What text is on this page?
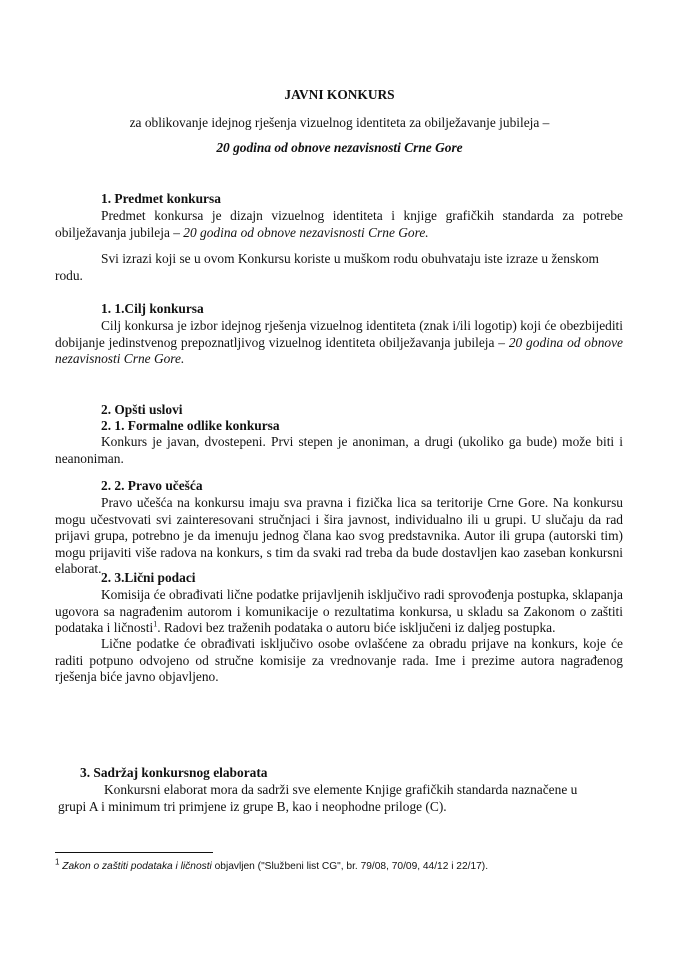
JAVNI KONKURS
za oblikovanje idejnog rješenja vizuelnog identiteta za obilježavanje jubileja –
20 godina od obnove nezavisnosti Crne Gore
1. Predmet konkursa
Predmet konkursa je dizajn vizuelnog identiteta i knjige grafičkih standarda za potrebe obilježavanja jubileja – 20 godina od obnove nezavisnosti Crne Gore.
Svi izrazi koji se u ovom Konkursu koriste u muškom rodu obuhvataju iste izraze u ženskom rodu.
1. 1.Cilj konkursa
Cilj konkursa je izbor idejnog rješenja vizuelnog identiteta (znak i/ili logotip) koji će obezbijediti dobijanje jedinstvenog prepoznatljivog vizuelnog identiteta obilježavanja jubileja – 20 godina od obnove nezavisnosti Crne Gore.
2. Opšti uslovi
2. 1. Formalne odlike konkursa
Konkurs je javan, dvostepeni. Prvi stepen je anoniman, a drugi (ukoliko ga bude) može biti i neanoniman.
2. 2. Pravo učešća
Pravo učešća na konkursu imaju sva pravna i fizička lica sa teritorije Crne Gore. Na konkursu mogu učestvovati svi zainteresovani stručnjaci i šira javnost, individualno ili u grupi. U slučaju da rad prijavi grupa, potrebno je da imenuju jednog člana kao svog predstavnika. Autor ili grupa (autorski tim) mogu prijaviti više radova na konkurs, s tim da svaki rad treba da bude dostavljen kao zaseban konkursni elaborat.
2. 3.Lični podaci
Komisija će obrađivati lične podatke prijavljenih isključivo radi sprovođenja postupka, sklapanja ugovora sa nagrađenim autorom i komunikacije o rezultatima konkursa, u skladu sa Zakonom o zaštiti podataka i ličnosti$^1$. Radovi bez traženih podataka o autoru biće isključeni iz daljeg postupka.
Lične podatke će obrađivati isključivo osobe ovlašćene za obradu prijave na konkurs, koje će raditi potpuno odvojeno od stručne komisije za vrednovanje rada. Ime i prezime autora nagrađenog rješenja biće javno objavljeno.
3. Sadržaj konkursnog elaborata
Konkursni elaborat mora da sadrži sve elemente Knjige grafičkih standarda naznačene u grupi A i minimum tri primjene iz grupe B, kao i neophodne priloge (C).
$^1$ Zakon o zaštiti podataka i ličnosti objavljen ("Službeni list CG", br. 79/08, 70/09, 44/12 i 22/17).
